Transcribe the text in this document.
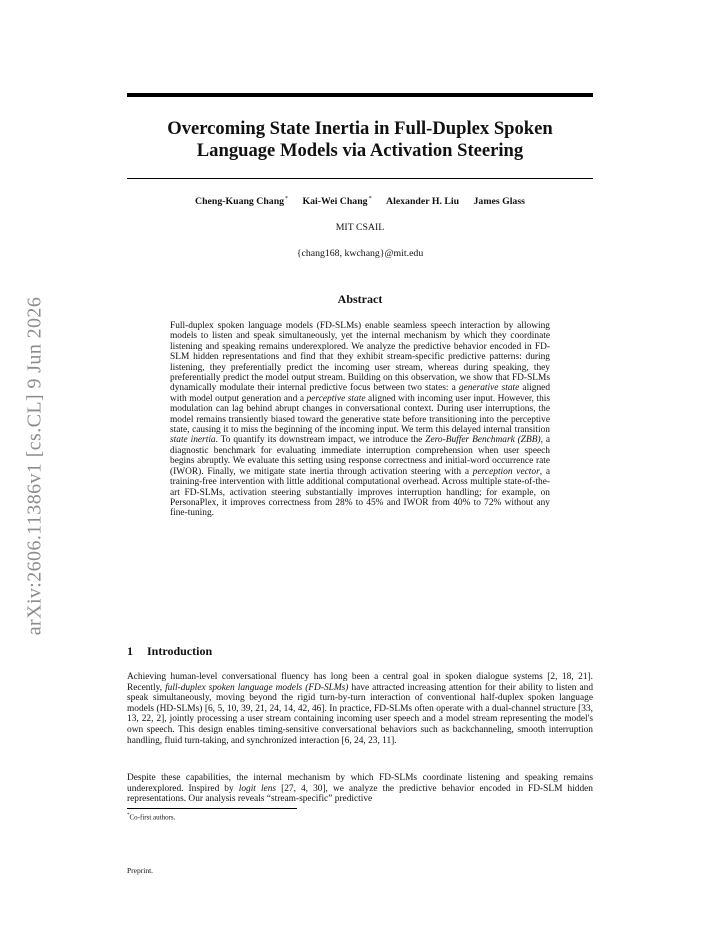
Overcoming State Inertia in Full-Duplex Spoken Language Models via Activation Steering
Cheng-Kuang Chang* Kai-Wei Chang* Alexander H. Liu James Glass
MIT CSAIL
{chang168, kwchang}@mit.edu
arXiv:2606.11386v1 [cs.CL] 9 Jun 2026	Abstract

Full-duplex spoken language models (FD-SLMs) enable seamless speech interaction by allowing models to listen and speak simultaneously, yet the internal mechanism by which they coordinate listening and speaking remains underexplored. We analyze the predictive behavior encoded in FD-SLM hidden representations and find that they exhibit stream-specific predictive patterns: during listening, they preferentially predict the incoming user stream, whereas during speaking, they preferentially predict the model output stream. Building on this observation, we show that FD-SLMs dynamically modulate their internal predictive focus between two states: a generative state aligned with model output generation and a perceptive state aligned with incoming user input. However, this modulation can lag behind abrupt changes in conversational context. During user interruptions, the model remains transiently biased toward the generative state before transitioning into the perceptive state, causing it to miss the beginning of the incoming input. We term this delayed internal transition state inertia. To quantify its downstream impact, we introduce the Zero-Buffer Benchmark (ZBB), a diagnostic benchmark for evaluating immediate interruption comprehension when user speech begins abruptly. We evaluate this setting using response correctness and initial-word occurrence rate (IWOR). Finally, we mitigate state inertia through activation steering with a perception vector, a training-free intervention with little additional computational overhead. Across multiple state-of-the-art FD-SLMs, activation steering substantially improves interruption handling; for example, on PersonaPlex, it improves correctness from 28% to 45% and IWOR from 40% to 72% without any fine-tuning.

1 Introduction

Achieving human-level conversational fluency has long been a central goal in spoken dialogue systems [2, 18, 21]. Recently, full-duplex spoken language models (FD-SLMs) have attracted increasing attention for their ability to listen and speak simultaneously, moving beyond the rigid turn-by-turn interaction of conventional half-duplex spoken language models (HD-SLMs) [6, 5, 10, 39, 21, 24, 14, 42, 46]. In practice, FD-SLMs often operate with a dual-channel structure [33, 13, 22, 2], jointly processing a user stream containing incoming user speech and a model stream representing the model's own speech. This design enables timing-sensitive conversational behaviors such as backchanneling, smooth interruption handling, fluid turn-taking, and synchronized interaction [6, 24, 23, 11].

Despite these capabilities, the internal mechanism by which FD-SLMs coordinate listening and speaking remains underexplored. Inspired by logit lens [27, 4, 30], we analyze the predictive behavior encoded in FD-SLM hidden representations. Our analysis reveals “stream-specific” predictive

*Co-first authors.
Preprint.
